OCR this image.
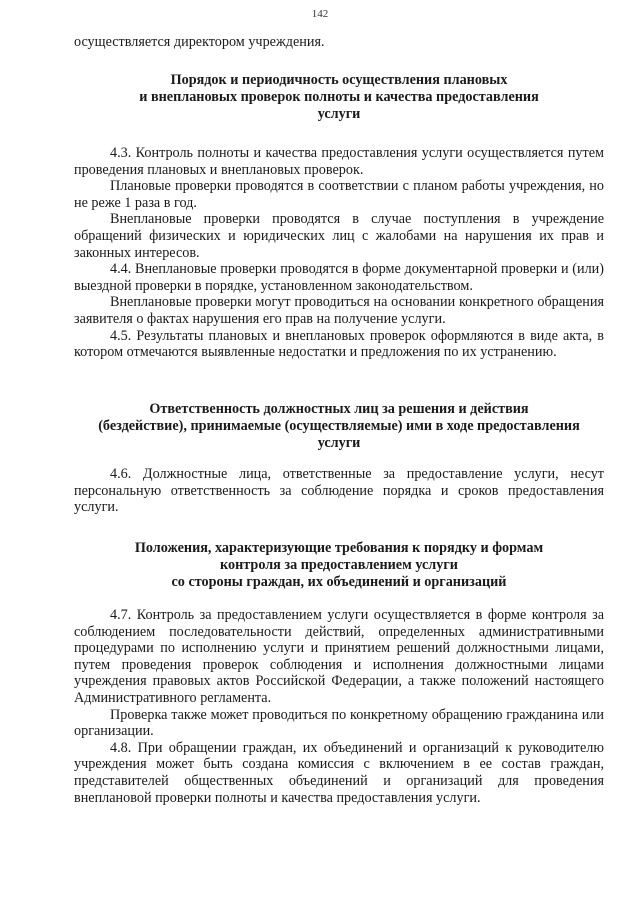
142

осуществляется директором учреждения.

Порядок и периодичность осуществления плановых
и внеплановых проверок полноты и качества предоставления
услуги

4.3. Контроль полноты и качества предоставления услуги осуществляется путем проведения плановых и внеплановых проверок.

Плановые проверки проводятся в соответствии с планом работы учреждения, но не реже 1 раза в год.

Внеплановые проверки проводятся в случае поступления в учреждение обращений физических и юридических лиц с жалобами на нарушения их прав и законных интересов.

4.4. Внеплановые проверки проводятся в форме документарной проверки и (или) выездной проверки в порядке, установленном законодательством.

Внеплановые проверки могут проводиться на основании конкретного обращения заявителя о фактах нарушения его прав на получение услуги.

4.5. Результаты плановых и внеплановых проверок оформляются в виде акта, в котором отмечаются выявленные недостатки и предложения по их устранению.

Ответственность должностных лиц за решения и действия
(бездействие), принимаемые (осуществляемые) ими в ходе предоставления
услуги

4.6. Должностные лица, ответственные за предоставление услуги, несут персональную ответственность за соблюдение порядка и сроков предоставления услуги.

Положения, характеризующие требования к порядку и формам
контроля за предоставлением услуги
со стороны граждан, их объединений и организаций

4.7. Контроль за предоставлением услуги осуществляется в форме контроля за соблюдением последовательности действий, определенных административными процедурами по исполнению услуги и принятием решений должностными лицами, путем проведения проверок соблюдения и исполнения должностными лицами учреждения правовых актов Российской Федерации, а также положений настоящего Административного регламента.

Проверка также может проводиться по конкретному обращению гражданина или организации.

4.8. При обращении граждан, их объединений и организаций к руководителю учреждения может быть создана комиссия с включением в ее состав граждан, представителей общественных объединений и организаций для проведения внеплановой проверки полноты и качества предоставления услуги.
